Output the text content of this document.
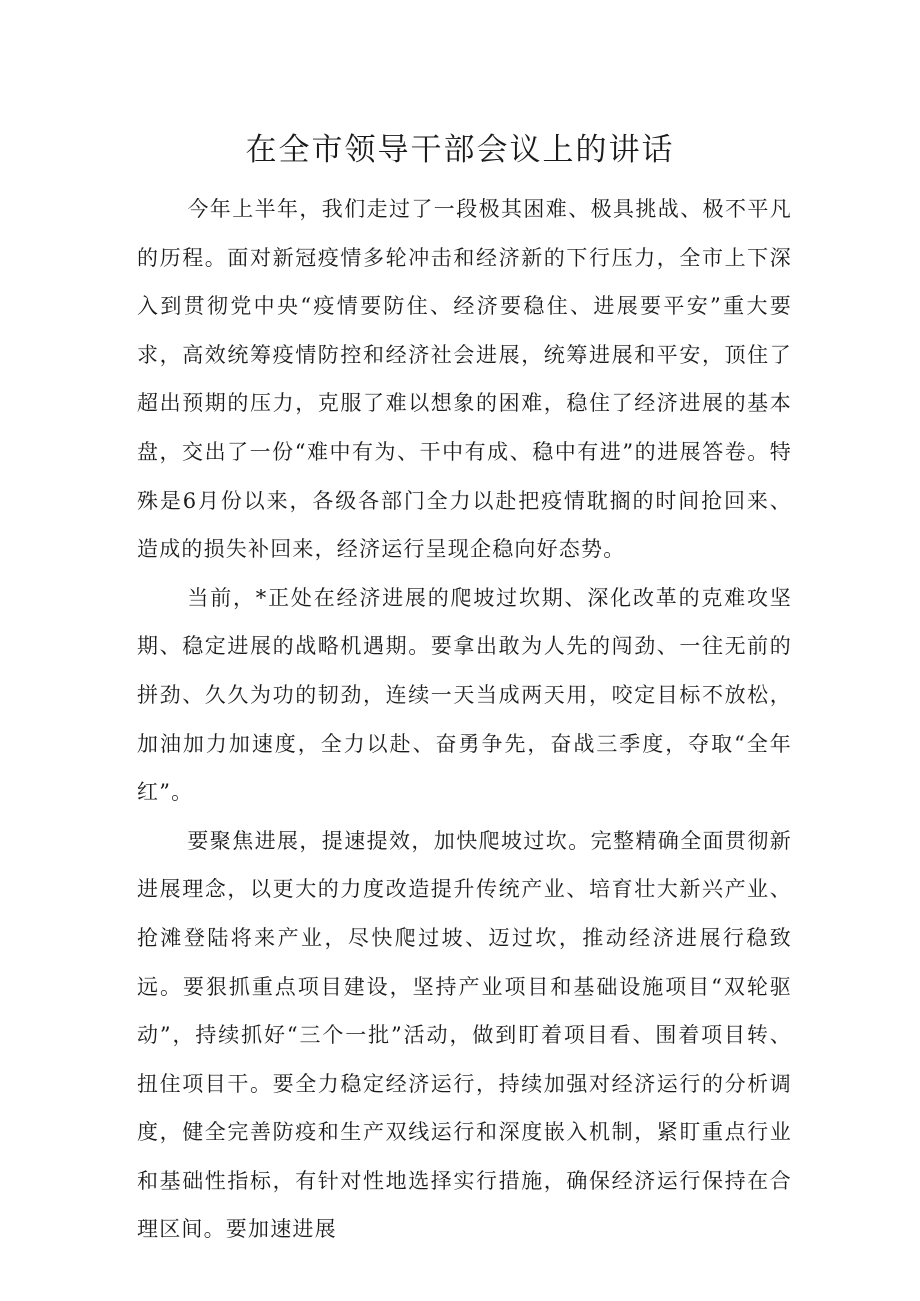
在全市领导干部会议上的讲话

今年上半年，我们走过了一段极其困难、极具挑战、极不平凡的历程。面对新冠疫情多轮冲击和经济新的下行压力，全市上下深入到贯彻党中央“疫情要防住、经济要稳住、进展要平安”重大要求，高效统筹疫情防控和经济社会进展，统筹进展和平安，顶住了超出预期的压力，克服了难以想象的困难，稳住了经济进展的基本盘，交出了一份“难中有为、干中有成、稳中有进”的进展答卷。特殊是6月份以来，各级各部门全力以赴把疫情耽搁的时间抢回来、造成的损失补回来，经济运行呈现企稳向好态势。

当前，*正处在经济进展的爬坡过坎期、深化改革的克难攻坚期、稳定进展的战略机遇期。要拿出敢为人先的闯劲、一往无前的拼劲、久久为功的韧劲，连续一天当成两天用，咬定目标不放松，加油加力加速度，全力以赴、奋勇争先，奋战三季度，夺取“全年红”。

要聚焦进展，提速提效，加快爬坡过坎。完整精确全面贯彻新进展理念，以更大的力度改造提升传统产业、培育壮大新兴产业、抢滩登陆将来产业，尽快爬过坡、迈过坎，推动经济进展行稳致远。要狠抓重点项目建设，坚持产业项目和基础设施项目“双轮驱动”，持续抓好“三个一批”活动，做到盯着项目看、围着项目转、扭住项目干。要全力稳定经济运行，持续加强对经济运行的分析调度，健全完善防疫和生产双线运行和深度嵌入机制，紧盯重点行业和基础性指标，有针对性地选择实行措施，确保经济运行保持在合理区间。要加速进展
